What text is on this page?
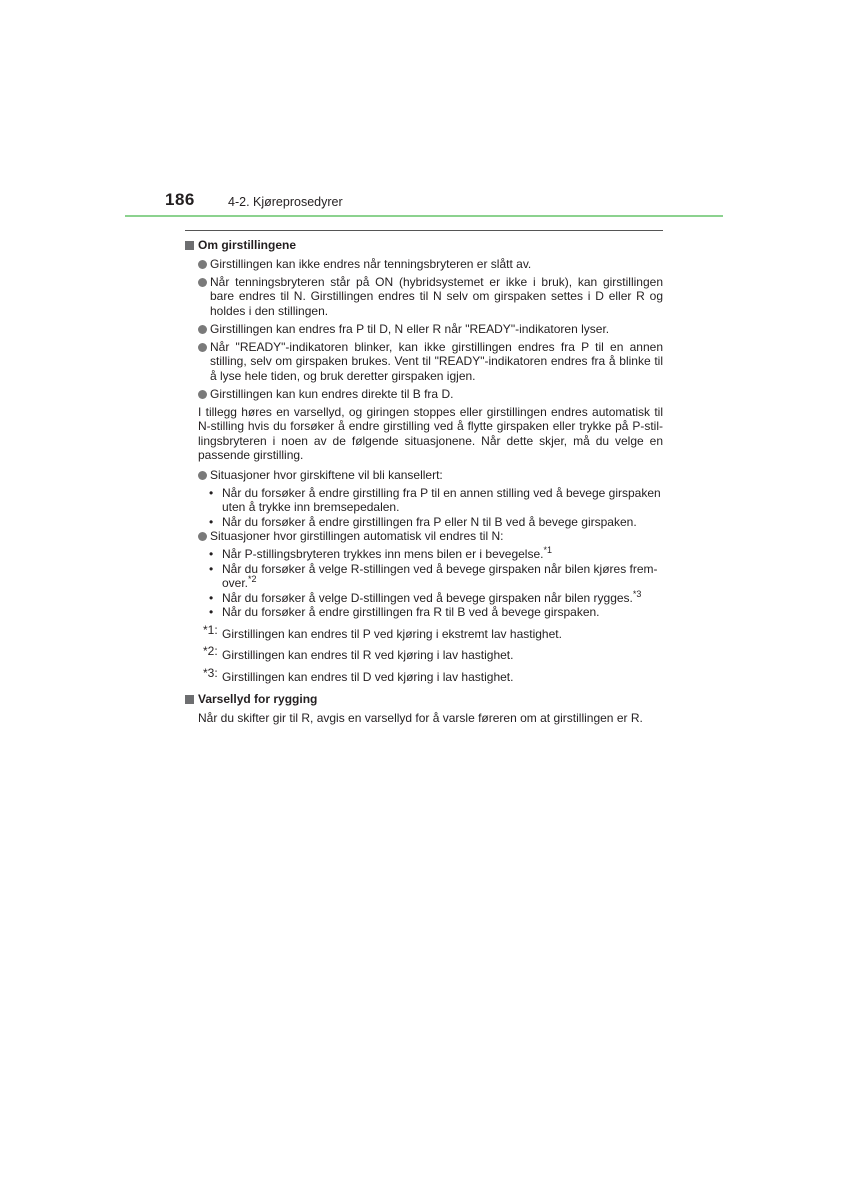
186	4-2. Kjøreprosedyrer
Om girstillingene
Girstillingen kan ikke endres når tenningsbryteren er slått av.
Når tenningsbryteren står på ON (hybridsystemet er ikke i bruk), kan girstillingen bare endres til N. Girstillingen endres til N selv om girspaken settes i D eller R og holdes i den stillingen.
Girstillingen kan endres fra P til D, N eller R når "READY"-indikatoren lyser.
Når "READY"-indikatoren blinker, kan ikke girstillingen endres fra P til en annen stilling, selv om girspaken brukes. Vent til "READY"-indikatoren endres fra å blinke til å lyse hele tiden, og bruk deretter girspaken igjen.
Girstillingen kan kun endres direkte til B fra D.
I tillegg høres en varsellyd, og giringen stoppes eller girstillingen endres automatisk til N-stilling hvis du forsøker å endre girstilling ved å flytte girspaken eller trykke på P-stil-lingsbryteren i noen av de følgende situasjonene. Når dette skjer, må du velge en passende girstilling.
Situasjoner hvor girskiftene vil bli kansellert:
• Når du forsøker å endre girstilling fra P til en annen stilling ved å bevege girspaken uten å trykke inn bremsepedalen.
• Når du forsøker å endre girstillingen fra P eller N til B ved å bevege girspaken.
Situasjoner hvor girstillingen automatisk vil endres til N:
• Når P-stillingsbryteren trykkes inn mens bilen er i bevegelse.$^{*1}$
• Når du forsøker å velge R-stillingen ved å bevege girspaken når bilen kjøres frem-over.$^{*2}$
• Når du forsøker å velge D-stillingen ved å bevege girspaken når bilen rygges.$^{*3}$
• Når du forsøker å endre girstillingen fra R til B ved å bevege girspaken.
*1: Girstillingen kan endres til P ved kjøring i ekstremt lav hastighet.
*2: Girstillingen kan endres til R ved kjøring i lav hastighet.
*3: Girstillingen kan endres til D ved kjøring i lav hastighet.
Varsellyd for rygging
Når du skifter gir til R, avgis en varsellyd for å varsle føreren om at girstillingen er R.
